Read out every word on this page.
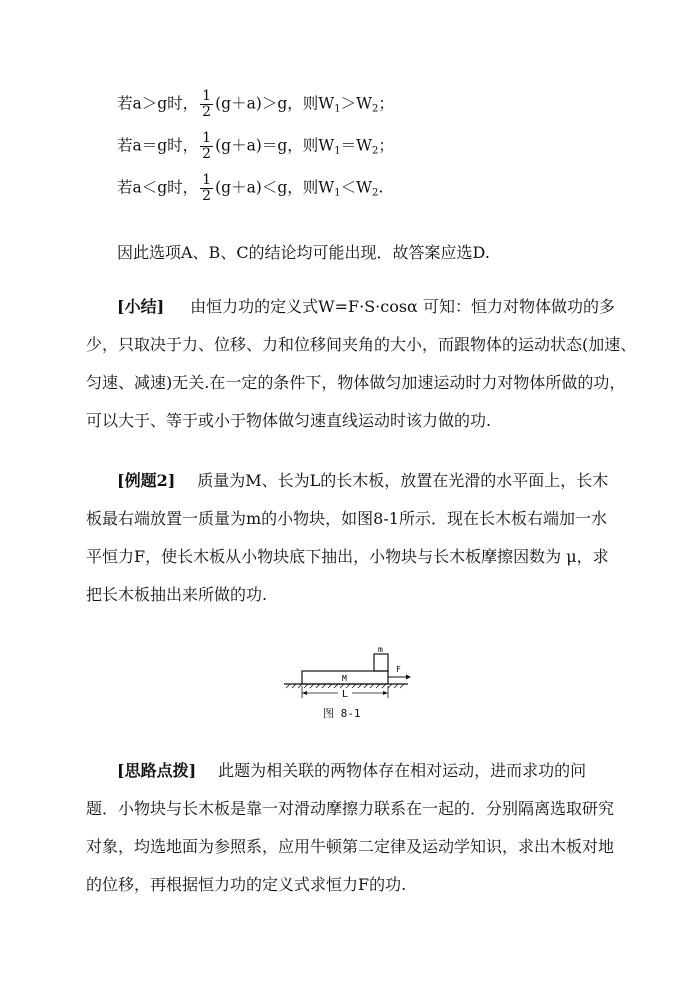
若a＞g时， $\frac{1}{2} (g+a)>g$，则$W_1>W_2$；
若a＝g时， $\frac{1}{2} (g+a)=g$，则$W_1=W_2$；
若a＜g时， $\frac{1}{2} (g+a)<g$，则$W_1<W_2$.
因此选项A、B、C的结论均可能出现．故答案应选D.
[小结] 由恒力功的定义式W=F·S·cosα 可知：恒力对物体做功的多
少，只取决于力、位移、力和位移间夹角的大小，而跟物体的运动状态(加速、
匀速、减速)无关.在一定的条件下，物体做匀加速运动时力对物体所做的功，
可以大于、等于或小于物体做匀速直线运动时该力做的功.
[例题2] 质量为M、长为L的长木板，放置在光滑的水平面上，长木
板最右端放置一质量为m的小物块，如图8-1所示．现在长木板右端加一水
平恒力F，使长木板从小物块底下抽出，小物块与长木板摩擦因数为 μ，求
把长木板抽出来所做的功.
m
M
F
L
图 8-1
[思路点拨] 此题为相关联的两物体存在相对运动，进而求功的问
题．小物块与长木板是靠一对滑动摩擦力联系在一起的．分别隔离选取研究
对象，均选地面为参照系，应用牛顿第二定律及运动学知识，求出木板对地
的位移，再根据恒力功的定义式求恒力F的功.
